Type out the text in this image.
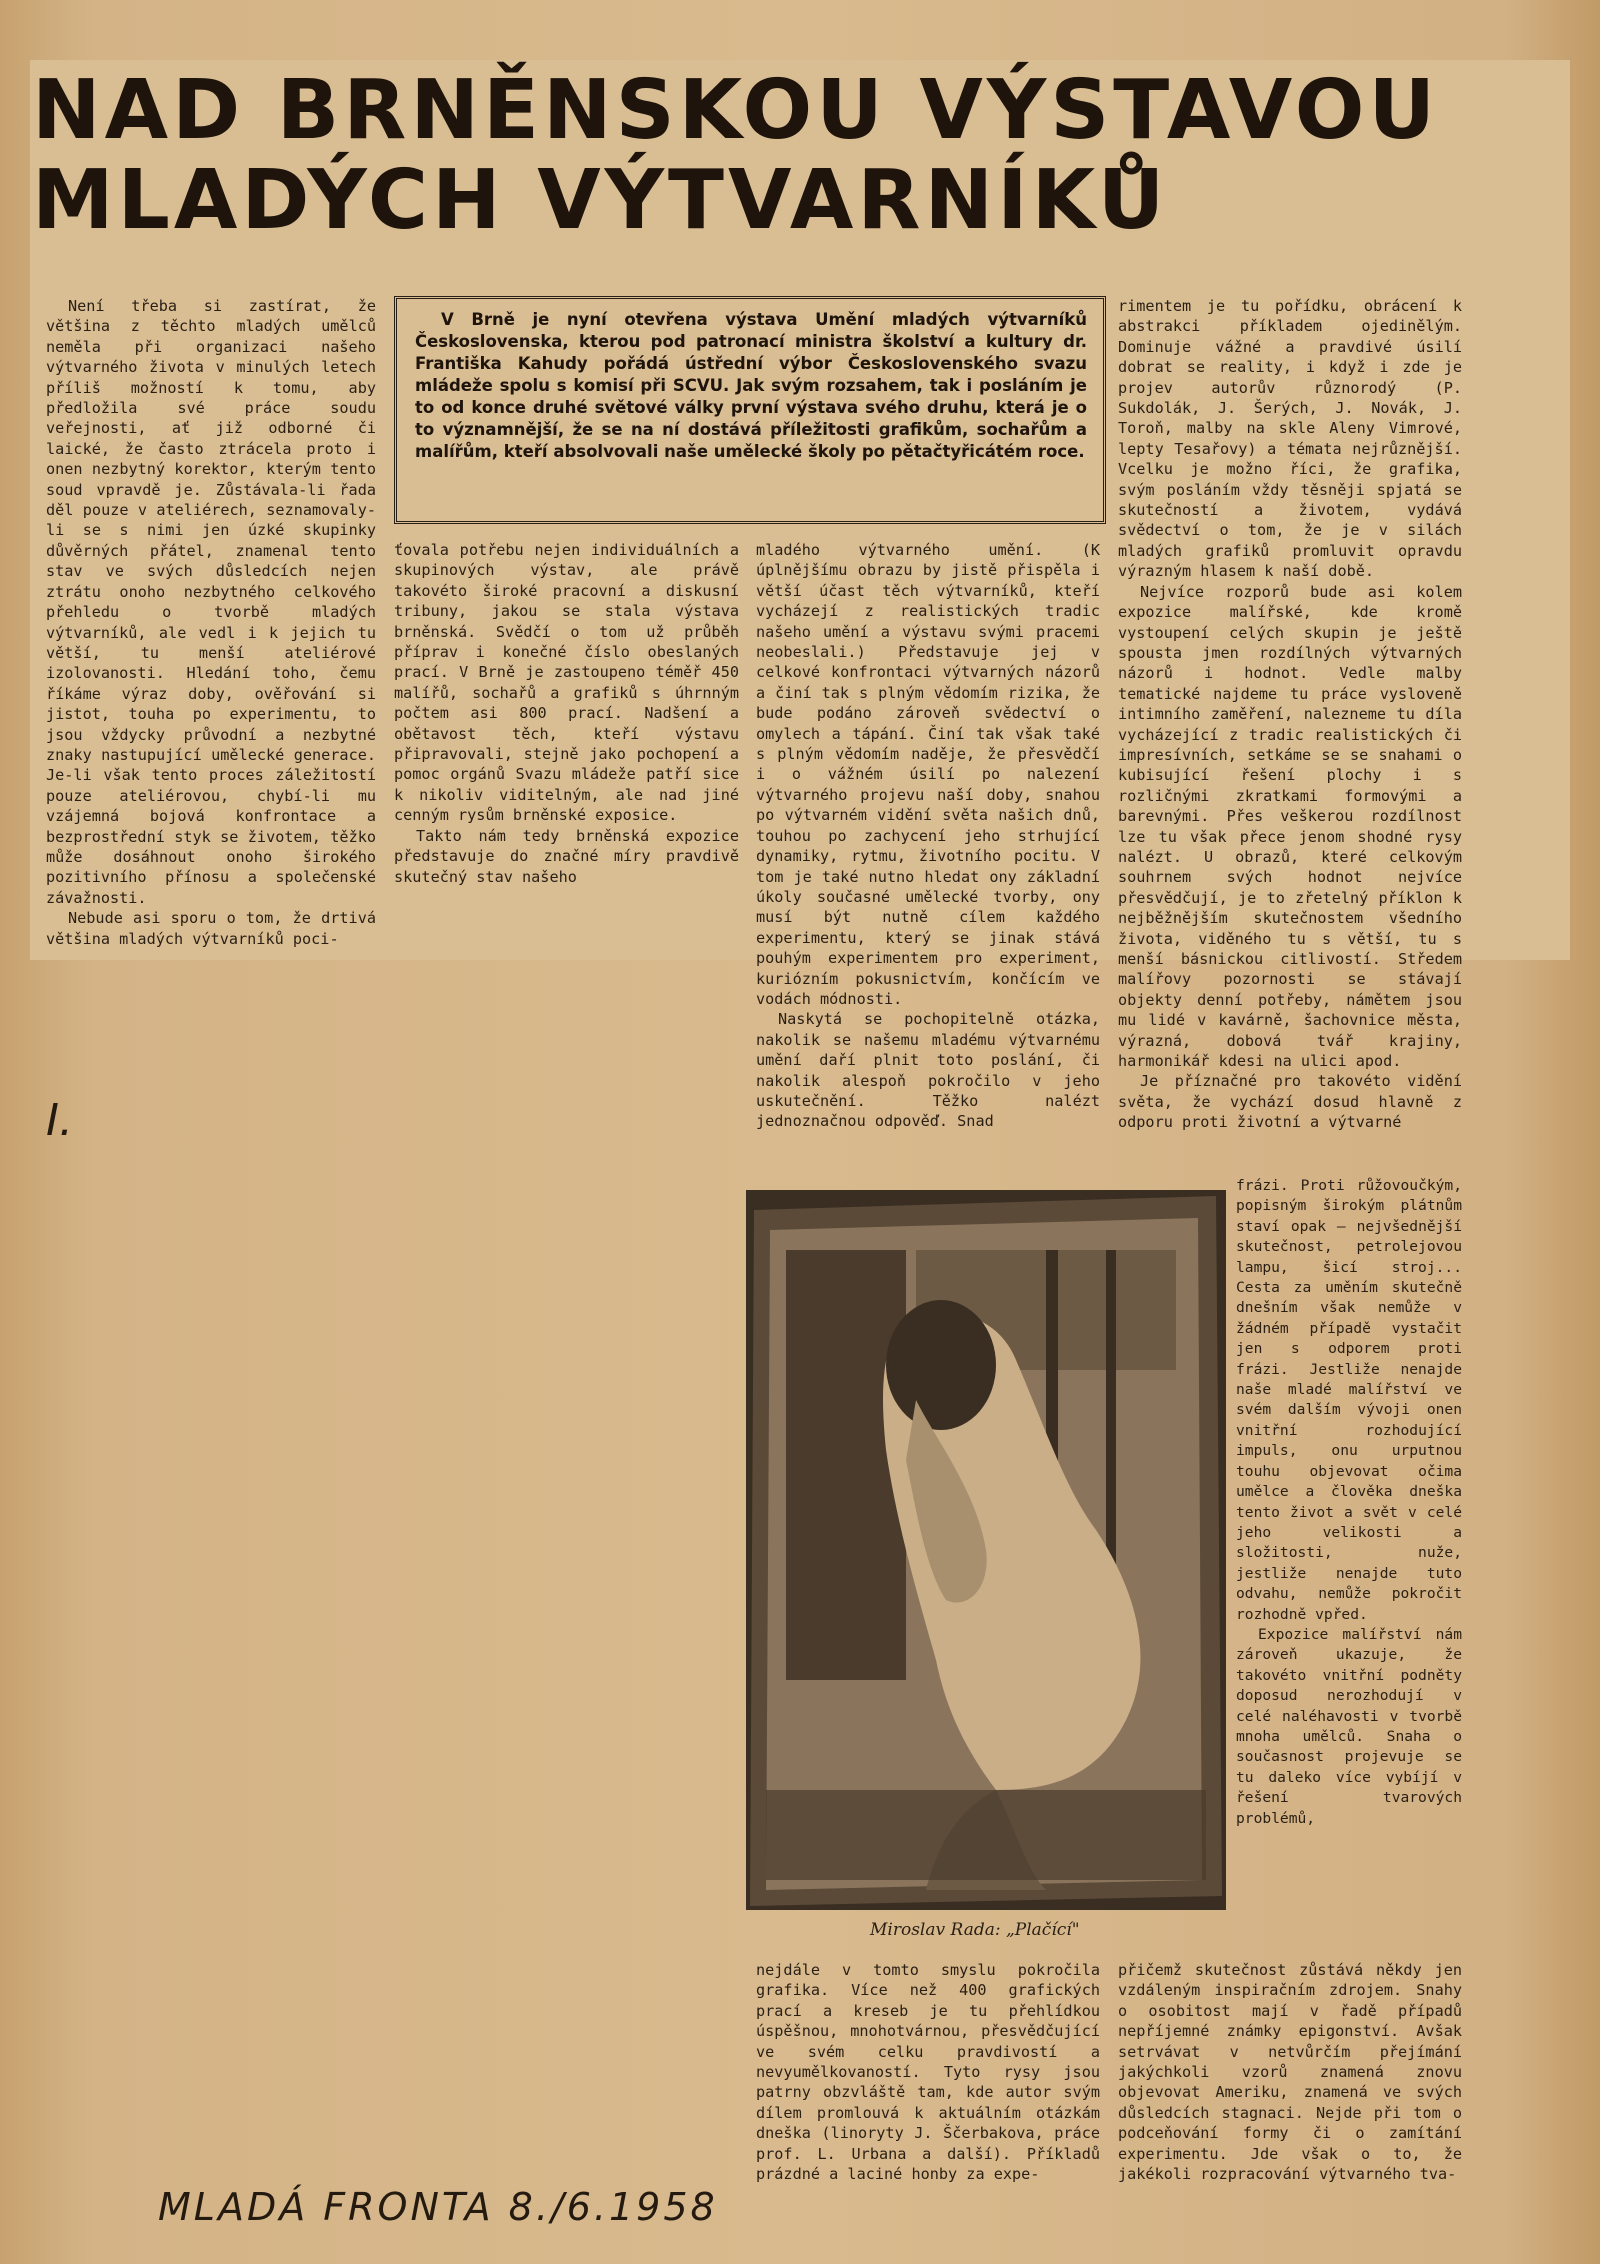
NAD BRNĚNSKOU VÝSTAVOU
MLADÝCH VÝTVARNÍKŮ

V Brně je nyní otevřena výstava Umění mladých výtvarníků Československa, kterou pod patronací ministra školství a kultury dr. Františka Kahudy pořádá ústřední výbor Československého svazu mládeže spolu s komisí při SCVU. Jak svým rozsahem, tak i posláním je to od konce druhé světové války první výstava svého druhu, která je o to významnější, že se na ní dostává příležitosti grafikům, sochařům a malířům, kteří absolvovali naše umělecké školy po pětačtyřicátém roce.

Není třeba si zastírat, že většina z těchto mladých umělců neměla při organizaci našeho výtvarného života v minulých letech příliš možností k tomu, aby předložila své práce soudu veřejnosti, ať již odborné či laické, že často ztrácela proto i onen nezbytný korektor, kterým tento soud vpravdě je. Zůstávala-li řada děl pouze v ateliérech, seznamovaly-li se s nimi jen úzké skupinky důvěrných přátel, znamenal tento stav ve svých důsledcích nejen ztrátu onoho nezbytného celkového přehledu o tvorbě mladých výtvarníků, ale vedl i k jejich tu větší, tu menší ateliérové izolovanosti. Hledání toho, čemu říkáme výraz doby, ověřování si jistot, touha po experimentu, to jsou vždycky průvodní a nezbytné znaky nastupující umělecké generace. Je-li však tento proces záležitostí pouze ateliérovou, chybí-li mu vzájemná bojová konfrontace a bezprostřední styk se životem, těžko může dosáhnout onoho širokého pozitivního přínosu a společenské závažnosti.

Nebude asi sporu o tom, že drtivá většina mladých výtvarníků poci-

ťovala potřebu nejen individuálních a skupinových výstav, ale právě takovéto široké pracovní a diskusní tribuny, jakou se stala výstava brněnská. Svědčí o tom už průběh příprav i konečné číslo obeslaných prací. V Brně je zastoupeno téměř 450 malířů, sochařů a grafiků s úhrnným počtem asi 800 prací. Nadšení a obětavost těch, kteří výstavu připravovali, stejně jako pochopení a pomoc orgánů Svazu mládeže patří sice k nikoliv viditelným, ale nad jiné cenným rysům brněnské exposice.

Takto nám tedy brněnská expozice představuje do značné míry pravdivě skutečný stav našeho

mladého výtvarného umění. (K úplnějšímu obrazu by jistě přispěla i větší účast těch výtvarníků, kteří vycházejí z realistických tradic našeho umění a výstavu svými pracemi neobeslali.) Představuje jej v celkové konfrontaci výtvarných názorů a činí tak s plným vědomím rizika, že bude podáno zároveň svědectví o omylech a tápání. Činí tak však také s plným vědomím naděje, že přesvědčí i o vážném úsilí po nalezení výtvarného projevu naší doby, snahou po výtvarném vidění světa našich dnů, touhou po zachycení jeho strhující dynamiky, rytmu, životního pocitu. V tom je také nutno hledat ony základní úkoly současné umělecké tvorby, ony musí být nutně cílem každého experimentu, který se jinak stává pouhým experimentem pro experiment, kuriózním pokusnictvím, končícím ve vodách módnosti.

Naskytá se pochopitelně otázka, nakolik se našemu mladému výtvarnému umění daří plnit toto poslání, či nakolik alespoň pokročilo v jeho uskutečnění. Těžko nalézt jednoznačnou odpověď. Snad

nejdále v tomto smyslu pokročila grafika. Více než 400 grafických prací a kreseb je tu přehlídkou úspěšnou, mnohotvárnou, přesvědčující ve svém celku pravdivostí a nevyumělkovaností. Tyto rysy jsou patrny obzvláště tam, kde autor svým dílem promlouvá k aktuálním otázkám dneška (linoryty J. Ščerbakova, práce prof. L. Urbana a další). Příkladů prázdné a laciné honby za expe-

rimentem je tu pořídku, obrácení k abstrakci příkladem ojedinělým. Dominuje vážné a pravdivé úsilí dobrat se reality, i když i zde je projev autorův různorodý (P. Sukdolák, J. Šerých, J. Novák, J. Toroň, malby na skle Aleny Vimrové, lepty Tesařovy) a témata nejrůznější. Vcelku je možno říci, že grafika, svým posláním vždy těsněji spjatá se skutečností a životem, vydává svědectví o tom, že je v silách mladých grafiků promluvit opravdu výrazným hlasem k naší době.

Nejvíce rozporů bude asi kolem expozice malířské, kde kromě vystoupení celých skupin je ještě spousta jmen rozdílných výtvarných názorů i hodnot. Vedle malby tematické najdeme tu práce vysloveně intimního zaměření, nalezneme tu díla vycházející z tradic realistických či impresívních, setkáme se se snahami o kubisující řešení plochy i s rozličnými zkratkami formovými a barevnými. Přes veškerou rozdílnost lze tu však přece jenom shodné rysy nalézt. U obrazů, které celkovým souhrnem svých hodnot nejvíce přesvědčují, je to zřetelný příklon k nejběžnějším skutečnostem všedního života, viděného tu s větší, tu s menší básnickou citlivostí. Středem malířovy pozornosti se stávají objekty denní potřeby, námětem jsou mu lidé v kavárně, šachovnice města, výrazná, dobová tvář krajiny, harmonikář kdesi na ulici apod.

Je příznačné pro takovéto vidění světa, že vychází dosud hlavně z odporu proti životní a výtvarné

frázi. Proti růžovoučkým, popisným širokým plátnům staví opak — nejvšednější skutečnost, petrolejovou lampu, šicí stroj... Cesta za uměním skutečně dnešním však nemůže v žádném případě vystačit jen s odporem proti frázi. Jestliže nenajde naše mladé malířství ve svém dalším vývoji onen vnitřní rozhodující impuls, onu urputnou touhu objevovat očima umělce a člověka dneška tento život a svět v celé jeho velikosti a složitosti, nuže, jestliže nenajde tuto odvahu, nemůže pokročit rozhodně vpřed.

Expozice malířství nám zároveň ukazuje, že takovéto vnitřní podněty doposud nerozhodují v celé naléhavosti v tvorbě mnoha umělců. Snaha o současnost projevuje se tu daleko více vybíjí v řešení tvarových problémů,

přičemž skutečnost zůstává někdy jen vzdáleným inspiračním zdrojem. Snahy o osobitost mají v řadě případů nepříjemné známky epigonství. Avšak setrvávat v netvůrčím přejímání jakýchkoli vzorů znamená znovu objevovat Ameriku, znamená ve svých důsledcích stagnaci. Nejde při tom o podceňování formy či o zamítání experimentu. Jde však o to, že jakékoli rozpracování výtvarného tva-

Miroslav Rada: „Plačící"
I.
MLADÁ FRONTA 8./6.1958
